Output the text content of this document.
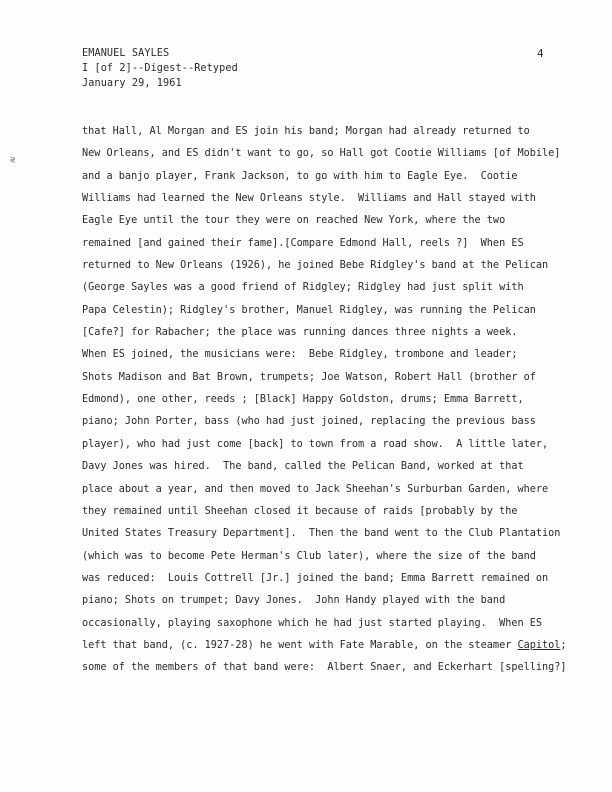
EMANUEL SAYLES
I [of 2]--Digest--Retyped
January 29, 1961
4
≷
that Hall, Al Morgan and ES join his band; Morgan had already returned to
New Orleans, and ES didn't want to go, so Hall got Cootie Williams [of Mobile]
and a banjo player, Frank Jackson, to go with him to Eagle Eye.  Cootie
Williams had learned the New Orleans style.  Williams and Hall stayed with
Eagle Eye until the tour they were on reached New York, where the two
remained [and gained their fame].[Compare Edmond Hall, reels ?]  When ES
returned to New Orleans (1926), he joined Bebe Ridgley's band at the Pelican
(George Sayles was a good friend of Ridgley; Ridgley had just split with
Papa Celestin); Ridgley's brother, Manuel Ridgley, was running the Pelican
[Cafe?] for Rabacher; the place was running dances three nights a week.
When ES joined, the musicians were:  Bebe Ridgley, trombone and leader;
Shots Madison and Bat Brown, trumpets; Joe Watson, Robert Hall (brother of
Edmond), one other, reeds ; [Black] Happy Goldston, drums; Emma Barrett,
piano; John Porter, bass (who had just joined, replacing the previous bass
player), who had just come [back] to town from a road show.  A little later,
Davy Jones was hired.  The band, called the Pelican Band, worked at that
place about a year, and then moved to Jack Sheehan's Surburban Garden, where
they remained until Sheehan closed it because of raids [probably by the
United States Treasury Department].  Then the band went to the Club Plantation
(which was to become Pete Herman's Club later), where the size of the band
was reduced:  Louis Cottrell [Jr.] joined the band; Emma Barrett remained on
piano; Shots on trumpet; Davy Jones.  John Handy played with the band
occasionally, playing saxophone which he had just started playing.  When ES
left that band, (c. 1927-28) he went with Fate Marable, on the steamer Capitol;
some of the members of that band were:  Albert Snaer, and Eckerhart [spelling?]
